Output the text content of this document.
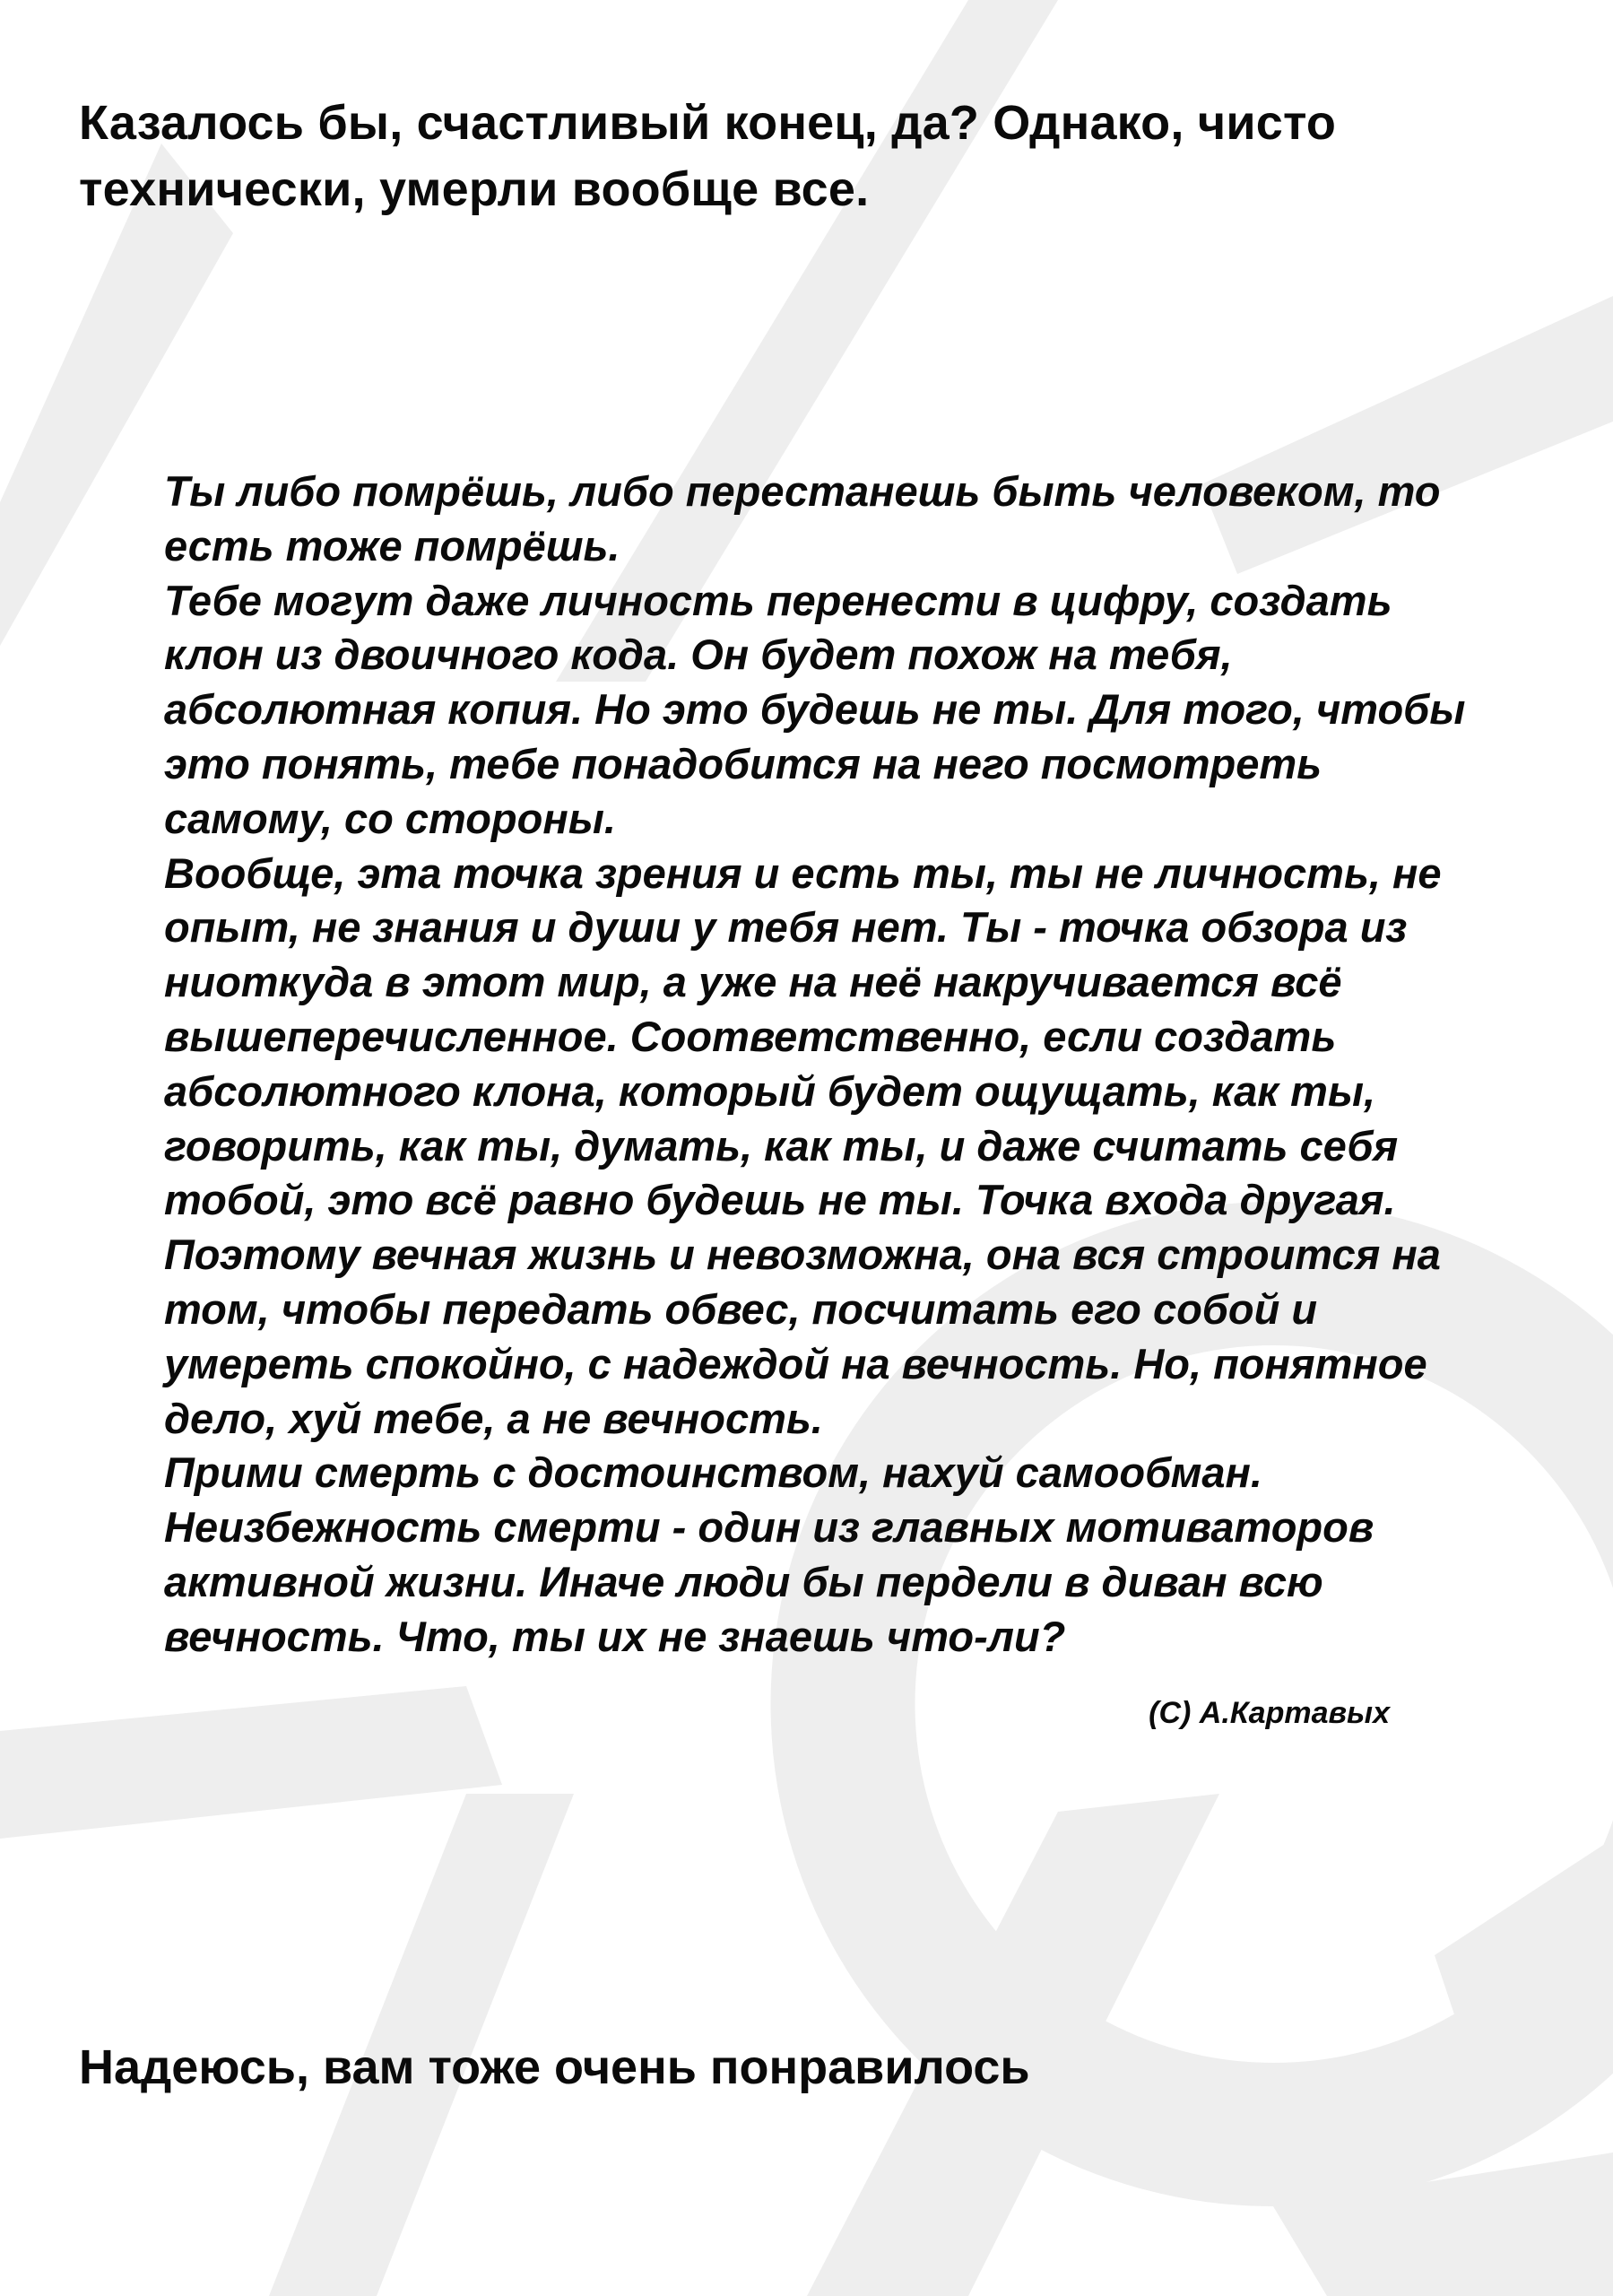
Казалось бы, счастливый конец, да? Однако, чисто
технически, умерли вообще все.

Ты либо помрёшь, либо перестанешь быть человеком, то есть тоже помрёшь.

Тебе могут даже личность перенести в цифру, создать клон из двоичного кода. Он будет похож на тебя, абсолютная копия. Но это будешь не ты. Для того, чтобы это понять, тебе понадобится на него посмотреть самому, со стороны.

Вообще, эта точка зрения и есть ты, ты не личность, не опыт, не знания и души у тебя нет. Ты - точка обзора из ниоткуда в этот мир, а уже на неё накручивается всё вышеперечисленное. Соответственно, если создать абсолютного клона, который будет ощущать, как ты, говорить, как ты, думать, как ты, и даже считать себя тобой, это всё равно будешь не ты. Точка входа другая.

Поэтому вечная жизнь и невозможна, она вся строится на том, чтобы передать обвес, посчитать его собой и умереть спокойно, с надеждой на вечность. Но, понятное дело, хуй тебе, а не вечность.

Прими смерть с достоинством, нахуй самообман.

Неизбежность смерти - один из главных мотиваторов активной жизни. Иначе люди бы пердели в диван всю вечность. Что, ты их не знаешь что-ли?

(С) А.Картавых
Надеюсь, вам тоже очень понравилось
